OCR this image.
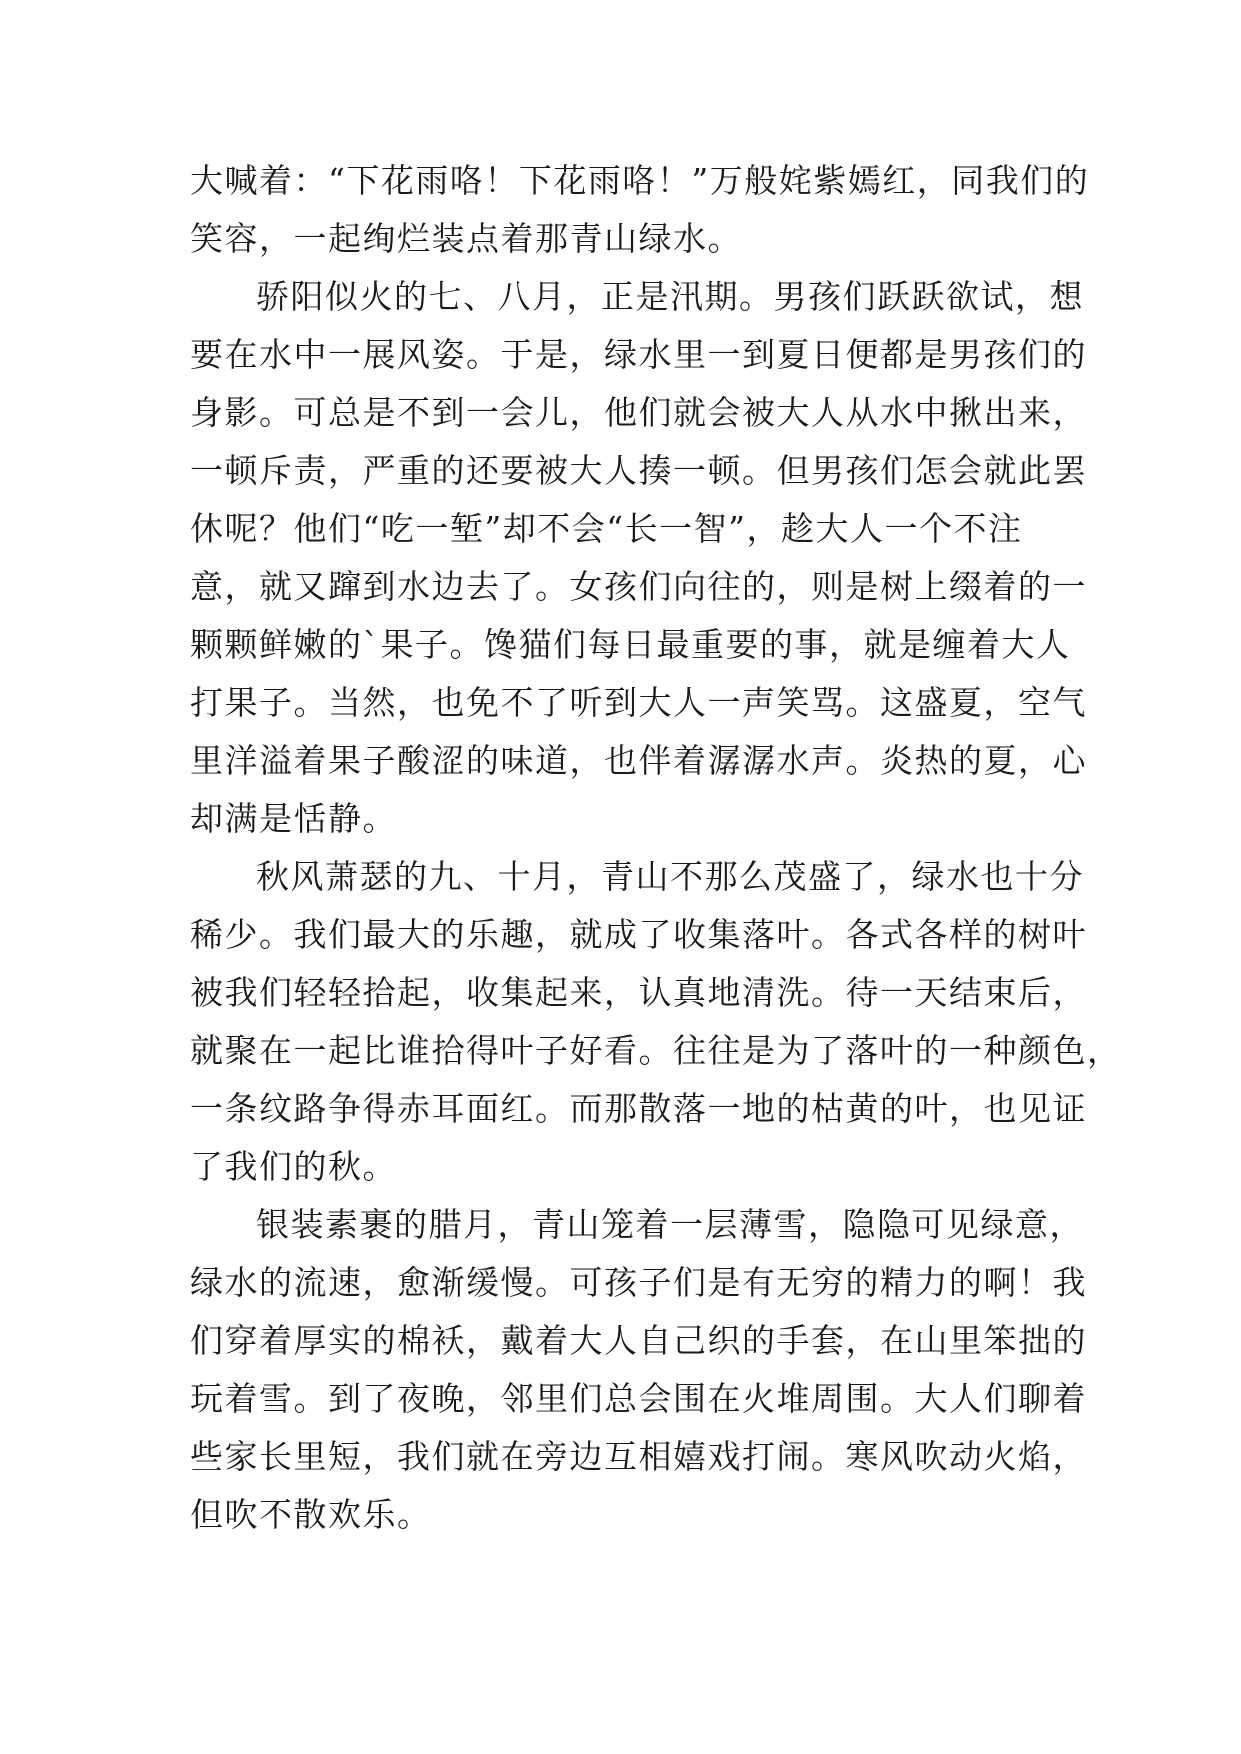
大喊着：“下花雨咯！下花雨咯！”万般姹紫嫣红，同我们的
笑容，一起绚烂装点着那青山绿水。
骄阳似火的七、八月，正是汛期。男孩们跃跃欲试，想
要在水中一展风姿。于是，绿水里一到夏日便都是男孩们的
身影。可总是不到一会儿，他们就会被大人从水中揪出来，
一顿斥责，严重的还要被大人揍一顿。但男孩们怎会就此罢
休呢？他们“吃一堑”却不会“长一智”，趁大人一个不注
意，就又蹿到水边去了。女孩们向往的，则是树上缀着的一
颗颗鲜嫩的`果子。馋猫们每日最重要的事，就是缠着大人
打果子。当然，也免不了听到大人一声笑骂。这盛夏，空气
里洋溢着果子酸涩的味道，也伴着潺潺水声。炎热的夏，心
却满是恬静。
秋风萧瑟的九、十月，青山不那么茂盛了，绿水也十分
稀少。我们最大的乐趣，就成了收集落叶。各式各样的树叶
被我们轻轻拾起，收集起来，认真地清洗。待一天结束后，
就聚在一起比谁拾得叶子好看。往往是为了落叶的一种颜色，
一条纹路争得赤耳面红。而那散落一地的枯黄的叶，也见证
了我们的秋。
银装素裹的腊月，青山笼着一层薄雪，隐隐可见绿意，
绿水的流速，愈渐缓慢。可孩子们是有无穷的精力的啊！我
们穿着厚实的棉袄，戴着大人自己织的手套，在山里笨拙的
玩着雪。到了夜晚，邻里们总会围在火堆周围。大人们聊着
些家长里短，我们就在旁边互相嬉戏打闹。寒风吹动火焰，
但吹不散欢乐。
